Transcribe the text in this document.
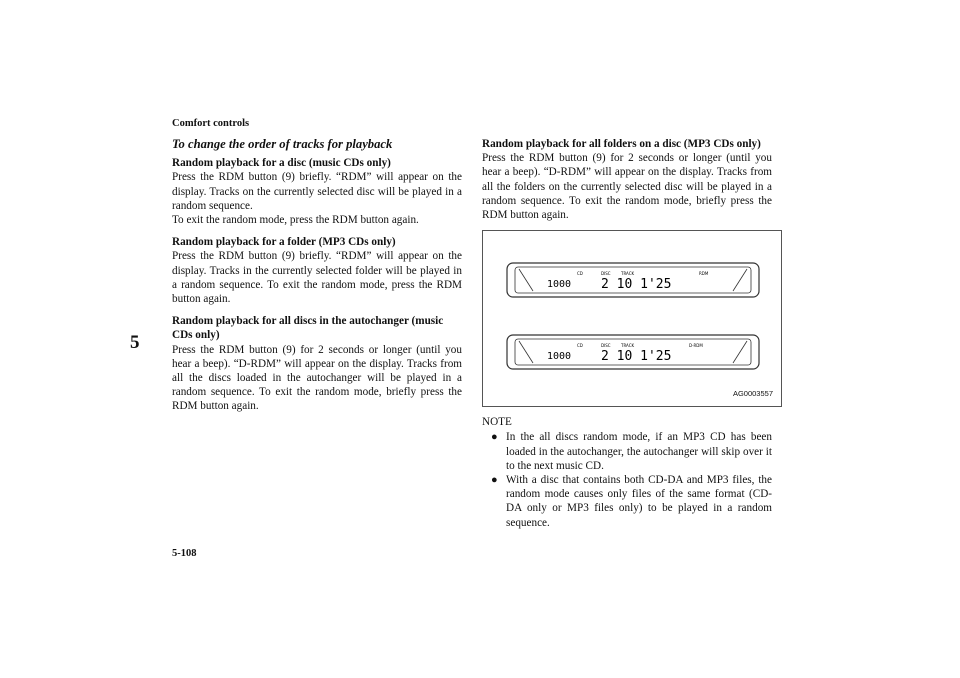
Comfort controls
5
5-108
To change the order of tracks for playback
Random playback for a disc (music CDs only)
Press the RDM button (9) briefly. “RDM” will appear on the display. Tracks on the currently selected disc will be played in a random sequence.
To exit the random mode, press the RDM button again.
Random playback for a folder (MP3 CDs only)
Press the RDM button (9) briefly. “RDM” will appear on the display. Tracks in the currently selected folder will be played in a random sequence. To exit the random mode, press the RDM button again.
Random playback for all discs in the autochanger (music CDs only)
Press the RDM button (9) for 2 seconds or longer (until you hear a beep). “D-RDM” will appear on the display. Tracks from all the discs loaded in the autochanger will be played in a random sequence. To exit the random mode, briefly press the RDM button again.
Random playback for all folders on a disc (MP3 CDs only)
Press the RDM button (9) for 2 seconds or longer (until you hear a beep). “D-RDM” will appear on the display. Tracks from all the folders on the currently selected disc will be played in a random sequence. To exit the random mode, briefly press the RDM button again.
1000
CD	DISC	TRACK
2 10 1'25
RDM
1000
CD	DISC	TRACK
2 10 1'25
D-RDM
AG0003557
NOTE
● In the all discs random mode, if an MP3 CD has been loaded in the autochanger, the autochanger will skip over it to the next music CD.
● With a disc that contains both CD-DA and MP3 files, the random mode causes only files of the same format (CD-DA only or MP3 files only) to be played in a random sequence.
